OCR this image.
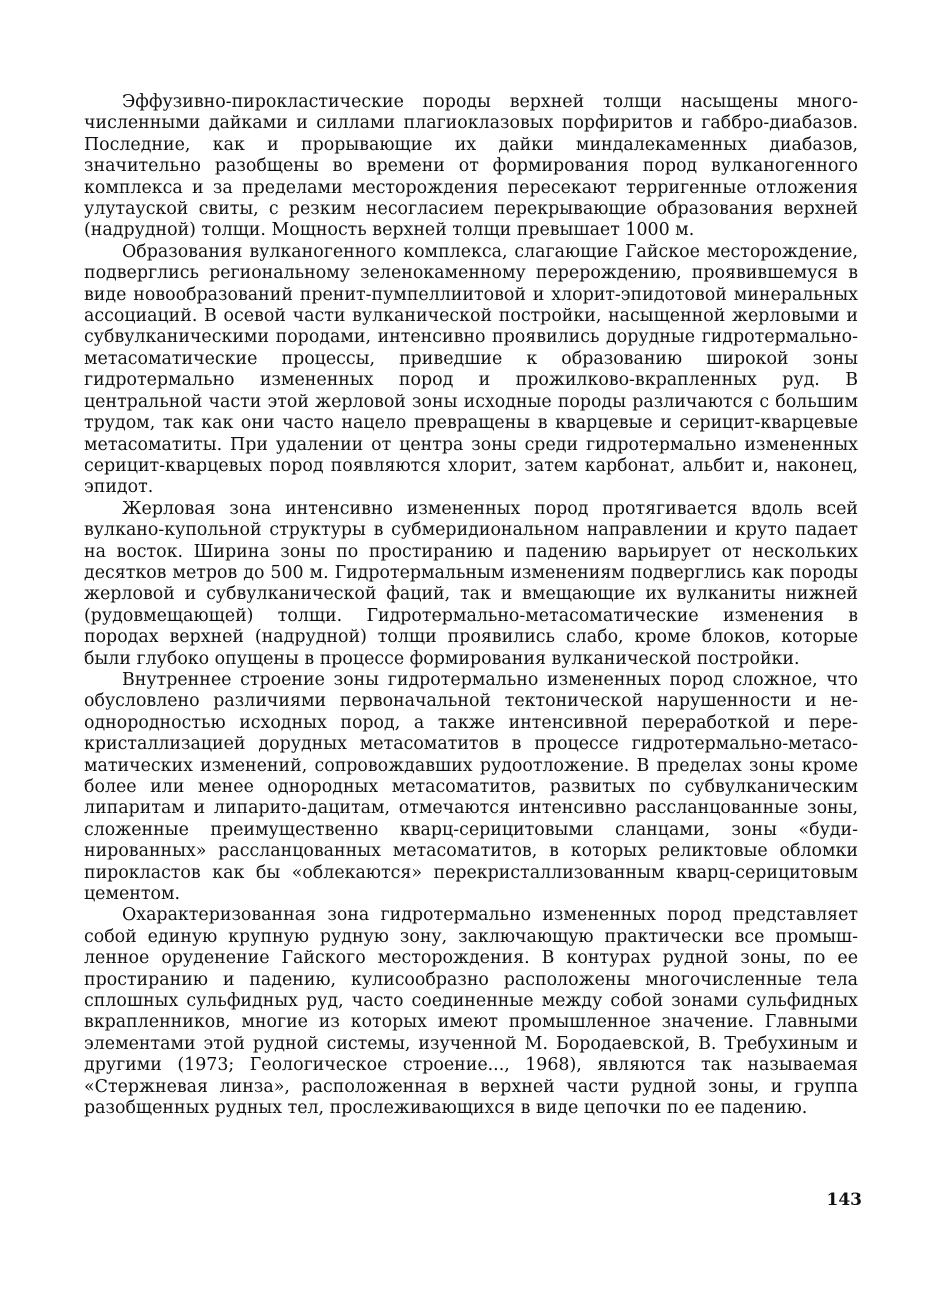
Эффузивно-пирокластические породы верхней толщи насыщены многочисленными дайками и силлами плагиоклазовых порфиритов и габбро-диабазов. Последние, как и прорывающие их дайки миндалекаменных диабазов, значительно разобщены во времени от формирования пород вулканогенного комплекса и за пределами месторождения пересекают терригенные отложения улутауской свиты, с резким несогласием перекрывающие образования верхней (надрудной) толщи. Мощность верхней толщи превышает 1000 м.

Образования вулканогенного комплекса, слагающие Гайское месторождение, подверглись региональному зеленокаменному перерождению, проявившемуся в виде новообразований пренит-пумпеллиитовой и хлорит-эпидотовой минеральных ассоциаций. В осевой части вулканической постройки, насыщенной жерловыми и субвулканическими породами, интенсивно проявились дорудные гидротермально-метасоматические процессы, приведшие к образованию широкой зоны гидротермально измененных пород и прожилково-вкрапленных руд. В центральной части этой жерловой зоны исходные породы различаются с большим трудом, так как они часто нацело превращены в кварцевые и серицит-кварцевые метасоматиты. При удалении от центра зоны среди гидротермально измененных серицит-кварцевых пород появляются хлорит, затем карбонат, альбит и, наконец, эпидот.

Жерловая зона интенсивно измененных пород протягивается вдоль всей вулкано-купольной структуры в субмеридиональном направлении и круто падает на восток. Ширина зоны по простиранию и падению варьирует от нескольких десятков метров до 500 м. Гидротермальным изменениям подверглись как породы жерловой и субвулканической фаций, так и вмещающие их вулканиты нижней (рудовмещающей) толщи. Гидротермально-метасоматические изменения в породах верхней (надрудной) толщи проявились слабо, кроме блоков, которые были глубоко опущены в процессе формирования вулканической постройки.

Внутреннее строение зоны гидротермально измененных пород сложное, что обусловлено различиями первоначальной тектонической нарушенности и неоднородностью исходных пород, а также интенсивной переработкой и перекристаллизацией дорудных метасоматитов в процессе гидротермально-метасоматических изменений, сопровождавших рудоотложение. В пределах зоны кроме более или менее однородных метасоматитов, развитых по субвулканическим липаритам и липарито-дацитам, отмечаются интенсивно рассланцованные зоны, сложенные преимущественно кварц-серицитовыми сланцами, зоны «будинированных» рассланцованных метасоматитов, в которых реликтовые обломки пирокластов как бы «облекаются» перекристаллизованным кварц-серицитовым цементом.

Охарактеризованная зона гидротермально измененных пород представляет собой единую крупную рудную зону, заключающую практически все промышленное оруденение Гайского месторождения. В контурах рудной зоны, по ее простиранию и падению, кулисообразно расположены многочисленные тела сплошных сульфидных руд, часто соединенные между собой зонами сульфидных вкрапленников, многие из которых имеют промышленное значение. Главными элементами этой рудной системы, изученной М. Бородаевской, В. Требухиным и другими (1973; Геологическое строение..., 1968), являются так называемая «Стержневая линза», расположенная в верхней части рудной зоны, и группа разобщенных рудных тел, прослеживающихся в виде цепочки по ее падению.

143
